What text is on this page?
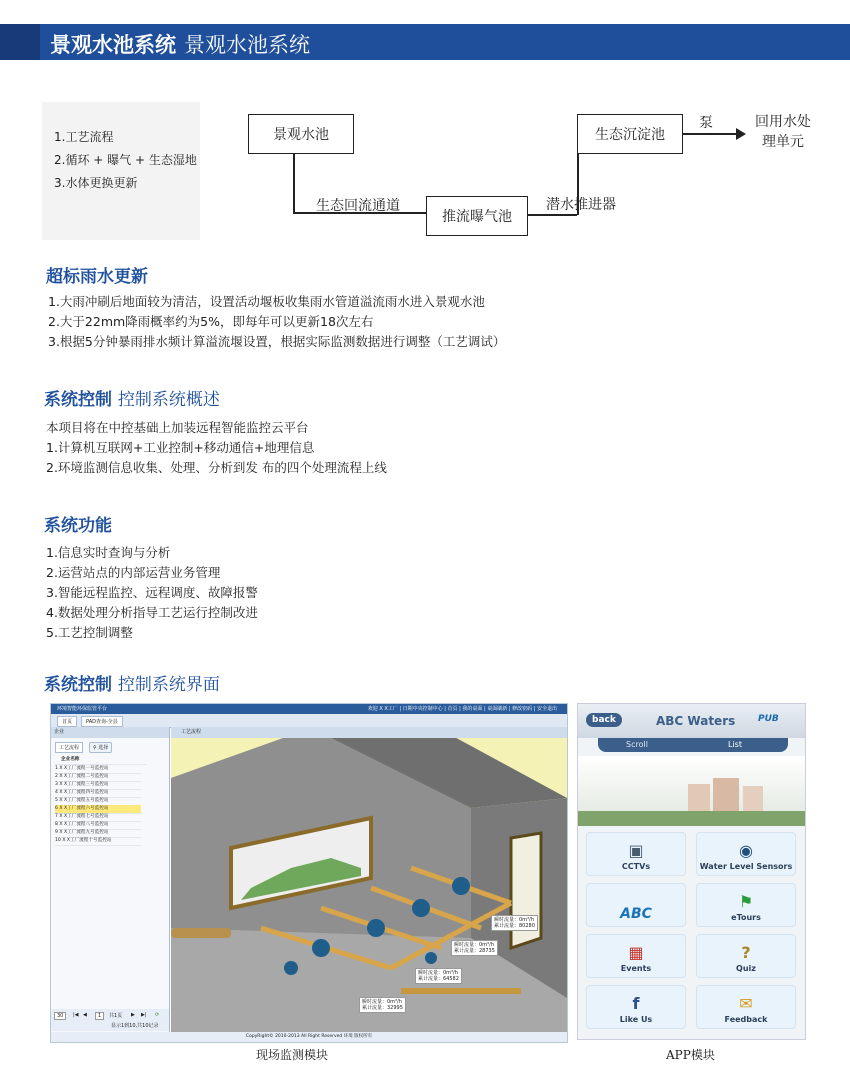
景观水池系统 景观水池系统
1.工艺流程
2.循环 + 曝气 + 生态湿地
3.水体更换更新
景观水池
生态回流通道
推流曝气池
潜水推进器
生态沉淀池
泵	回用水处
理单元
超标雨水更新
1.大雨冲刷后地面较为清洁，设置活动堰板收集雨水管道溢流雨水进入景观水池
2.大于22mm降雨概率约为5%，即每年可以更新18次左右
3.根据5分钟暴雨排水频计算溢流堰设置，根据实际监测数据进行调整（工艺调试）
系统控制 控制系统概述
本项目将在中控基础上加装远程智能监控云平台
1.计算机互联网+工业控制+移动通信+地理信息
2.环境监测信息收集、处理、分析到发 布的四个处理流程上线
系统功能
1.信息实时查询与分析
2.运营站点的内部运营业务管理
3.智能远程监控、远程调度、故障报警
4.数据处理分析指导工艺运行控制改进
5.工艺控制调整
系统控制 控制系统界面
环境智能环保监管平台	欢迎 X X工厂 | 日期中央控制中心 | 首页 | 我的桌面 | 桌面刷新 | 修改密码 | 安全退出
首页	PAD查询-全县
企业
工艺流程	⚲ 选择
企业名称
30	|◀ ◀	1	共1页 ▶ ▶| ⟳
显示1到10,共10记录
1 X X工厂流程一号监控站
2 X X工厂流程二号监控站
3 X X工厂流程三号监控站
4 X X工厂流程四号监控站
5 X X工厂流程五号监控站
6 X X工厂流程六号监控站
7 X X工厂流程七号监控站
8 X X工厂流程八号监控站
9 X X工厂流程九号监控站
10 X X工厂流程十号监控站
工艺流程
瞬时流量：0m³/h
累计流量：80280
瞬时流量：0m³/h
累计流量：28735
瞬时流量：0m³/h
累计流量：64582
瞬时流量：0m³/h
累计流量：32995
CopyRight© 2010-2013 All Right Reserved 环境 版权所有
back	ABC Waters	PUB
Scroll	List
▣
CCTVs
◉
Water Level Sensors
ABC
⚑
eTours
▦
Events
?
Quiz
f
Like Us
✉
Feedback
现场监测模块	APP模块
